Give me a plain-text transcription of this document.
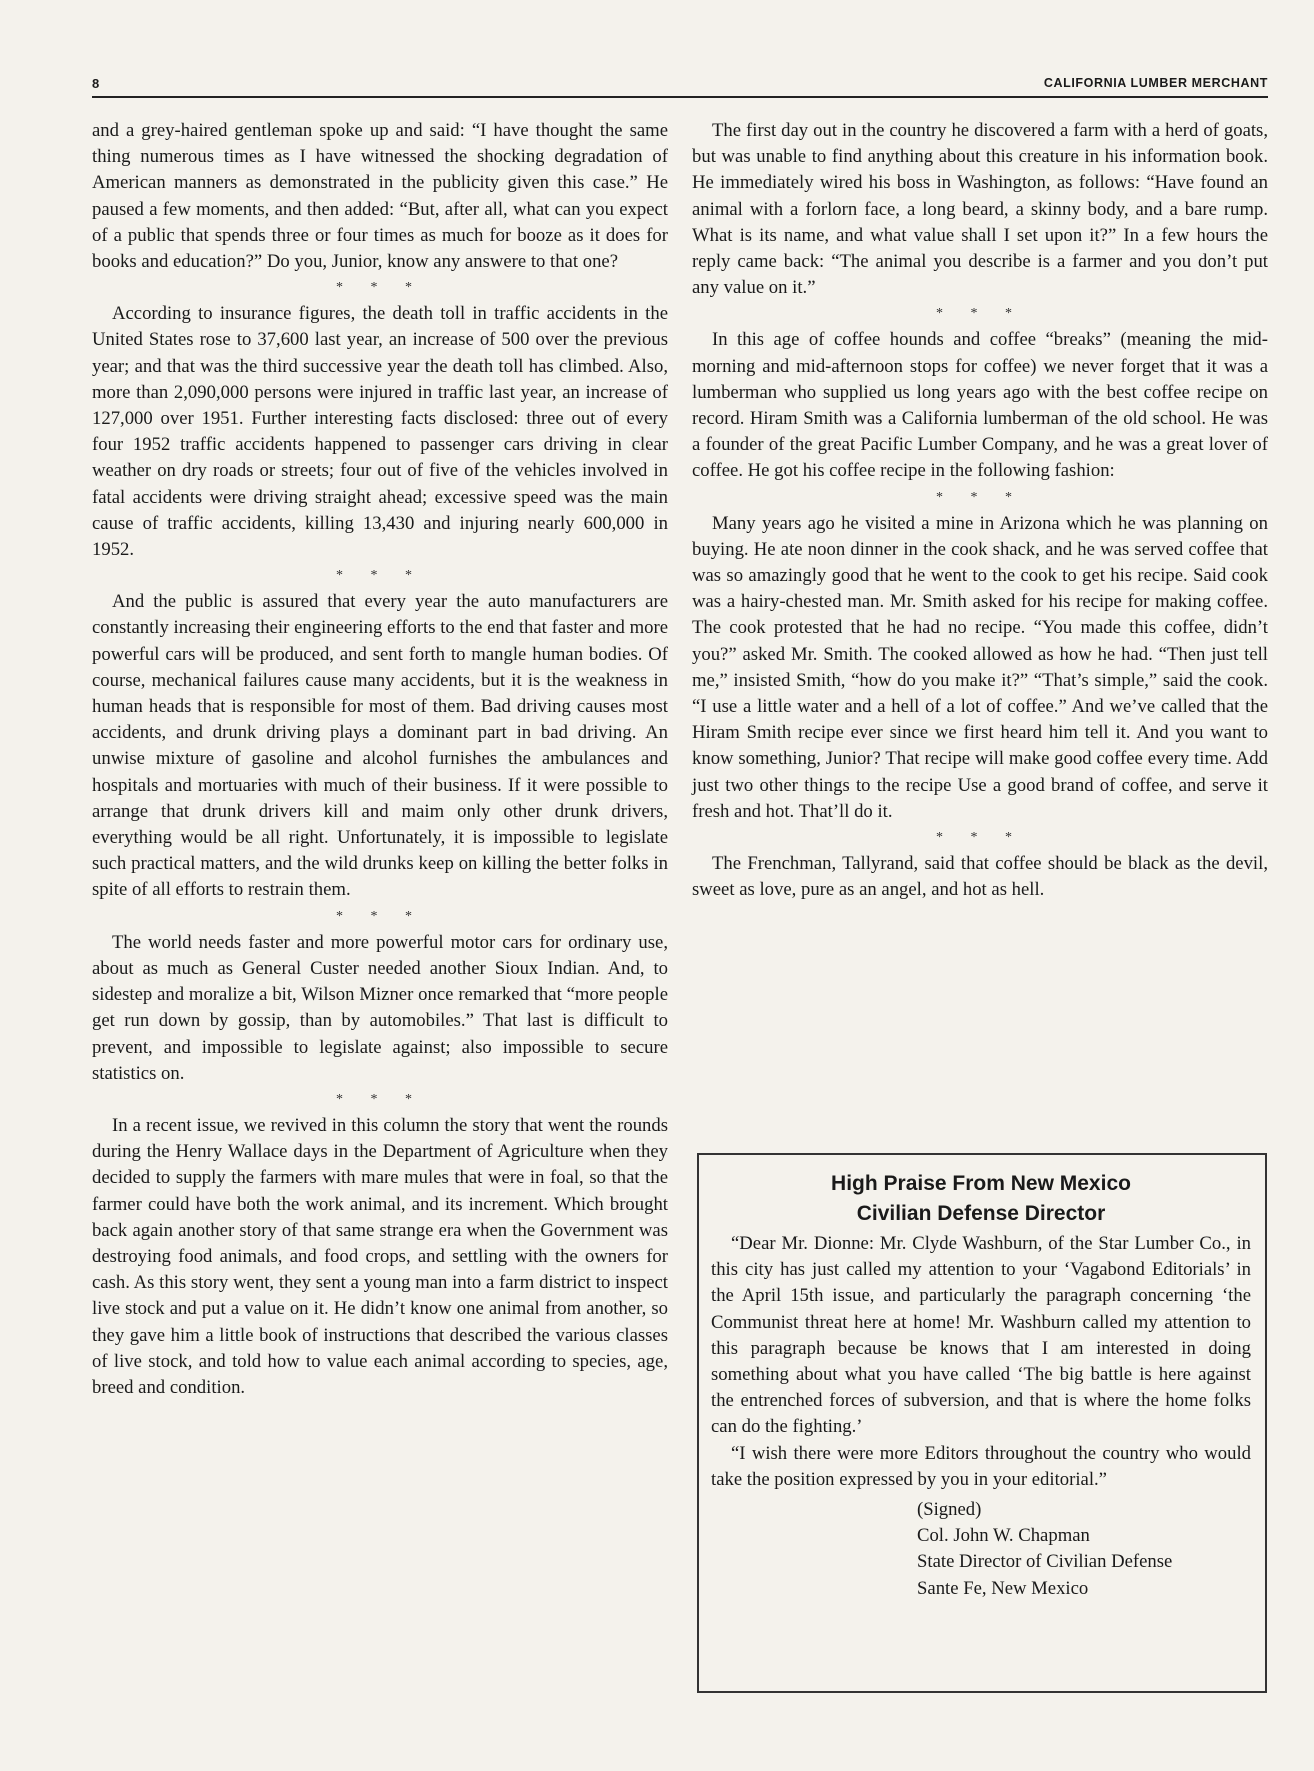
8	CALIFORNIA LUMBER MERCHANT

and a grey-haired gentleman spoke up and said: “I have thought the same thing numerous times as I have witnessed the shocking degradation of American manners as demonstrated in the publicity given this case.” He paused a few moments, and then added: “But, after all, what can you expect of a public that spends three or four times as much for booze as it does for books and education?” Do you, Junior, know any answere to that one?

* * *

According to insurance figures, the death toll in traffic accidents in the United States rose to 37,600 last year, an increase of 500 over the previous year; and that was the third successive year the death toll has climbed. Also, more than 2,090,000 persons were injured in traffic last year, an increase of 127,000 over 1951. Further interesting facts disclosed: three out of every four 1952 traffic accidents happened to passenger cars driving in clear weather on dry roads or streets; four out of five of the vehicles involved in fatal accidents were driving straight ahead; excessive speed was the main cause of traffic accidents, killing 13,430 and injuring nearly 600,000 in 1952.

* * *

And the public is assured that every year the auto manufacturers are constantly increasing their engineering efforts to the end that faster and more powerful cars will be produced, and sent forth to mangle human bodies. Of course, mechanical failures cause many accidents, but it is the weakness in human heads that is responsible for most of them. Bad driving causes most accidents, and drunk driving plays a dominant part in bad driving. An unwise mixture of gasoline and alcohol furnishes the ambulances and hospitals and mortuaries with much of their business. If it were possible to arrange that drunk drivers kill and maim only other drunk drivers, everything would be all right. Unfortunately, it is impossible to legislate such practical matters, and the wild drunks keep on killing the better folks in spite of all efforts to restrain them.

* * *

The world needs faster and more powerful motor cars for ordinary use, about as much as General Custer needed another Sioux Indian. And, to sidestep and moralize a bit, Wilson Mizner once remarked that “more people get run down by gossip, than by automobiles.” That last is difficult to prevent, and impossible to legislate against; also impossible to secure statistics on.

* * *

In a recent issue, we revived in this column the story that went the rounds during the Henry Wallace days in the Department of Agriculture when they decided to supply the farmers with mare mules that were in foal, so that the farmer could have both the work animal, and its increment. Which brought back again another story of that same strange era when the Government was destroying food animals, and food crops, and settling with the owners for cash. As this story went, they sent a young man into a farm district to inspect live stock and put a value on it. He didn’t know one animal from another, so they gave him a little book of instructions that described the various classes of live stock, and told how to value each animal according to species, age, breed and condition.

The first day out in the country he discovered a farm with a herd of goats, but was unable to find anything about this creature in his information book. He immediately wired his boss in Washington, as follows: “Have found an animal with a forlorn face, a long beard, a skinny body, and a bare rump. What is its name, and what value shall I set upon it?” In a few hours the reply came back: “The animal you describe is a farmer and you don’t put any value on it.”

* * *

In this age of coffee hounds and coffee “breaks” (meaning the mid-morning and mid-afternoon stops for coffee) we never forget that it was a lumberman who supplied us long years ago with the best coffee recipe on record. Hiram Smith was a California lumberman of the old school. He was a founder of the great Pacific Lumber Company, and he was a great lover of coffee. He got his coffee recipe in the following fashion:

* * *

Many years ago he visited a mine in Arizona which he was planning on buying. He ate noon dinner in the cook shack, and he was served coffee that was so amazingly good that he went to the cook to get his recipe. Said cook was a hairy-chested man. Mr. Smith asked for his recipe for making coffee. The cook protested that he had no recipe. “You made this coffee, didn’t you?” asked Mr. Smith. The cooked allowed as how he had. “Then just tell me,” insisted Smith, “how do you make it?” “That’s simple,” said the cook. “I use a little water and a hell of a lot of coffee.” And we’ve called that the Hiram Smith recipe ever since we first heard him tell it. And you want to know something, Junior? That recipe will make good coffee every time. Add just two other things to the recipe Use a good brand of coffee, and serve it fresh and hot. That’ll do it.

* * *

The Frenchman, Tallyrand, said that coffee should be black as the devil, sweet as love, pure as an angel, and hot as hell.

High Praise From New Mexico
Civilian Defense Director

“Dear Mr. Dionne: Mr. Clyde Washburn, of the Star Lumber Co., in this city has just called my attention to your ‘Vagabond Editorials’ in the April 15th issue, and particularly the paragraph concerning ‘the Communist threat here at home! Mr. Washburn called my attention to this paragraph because be knows that I am interested in doing something about what you have called ‘The big battle is here against the entrenched forces of subversion, and that is where the home folks can do the fighting.’

“I wish there were more Editors throughout the country who would take the position expressed by you in your editorial.”

(Signed)
Col. John W. Chapman
State Director of Civilian Defense
Sante Fe, New Mexico
